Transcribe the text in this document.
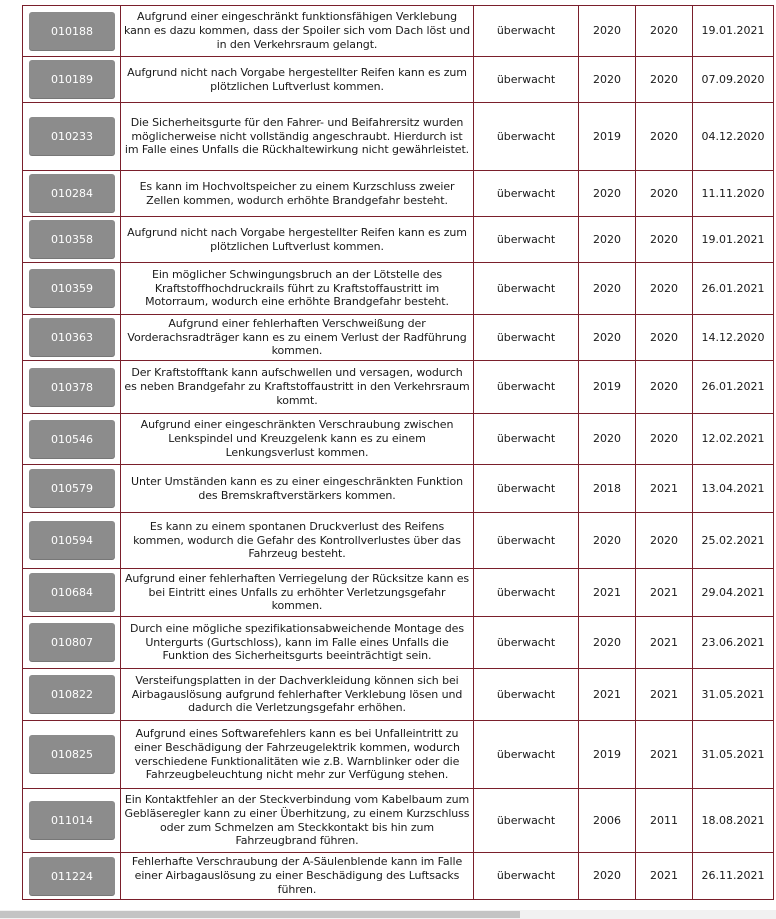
010188	Aufgrund einer eingeschränkt funktionsfähigen Verklebung kann es dazu kommen, dass der Spoiler sich vom Dach löst und in den Verkehrsraum gelangt.	überwacht	2020	2020	19.01.2021

010189	Aufgrund nicht nach Vorgabe hergestellter Reifen kann es zum plötzlichen Luftverlust kommen.	überwacht	2020	2020	07.09.2020

010233	Die Sicherheitsgurte für den Fahrer- und Beifahrersitz wurden möglicherweise nicht vollständig angeschraubt. Hierdurch ist im Falle eines Unfalls die Rückhaltewirkung nicht gewährleistet.	überwacht	2019	2020	04.12.2020

010284	Es kann im Hochvoltspeicher zu einem Kurzschluss zweier Zellen kommen, wodurch erhöhte Brandgefahr besteht.	überwacht	2020	2020	11.11.2020

010358	Aufgrund nicht nach Vorgabe hergestellter Reifen kann es zum plötzlichen Luftverlust kommen.	überwacht	2020	2020	19.01.2021

010359	Ein möglicher Schwingungsbruch an der Lötstelle des Kraftstoffhochdruckrails führt zu Kraftstoffaustritt im Motorraum, wodurch eine erhöhte Brandgefahr besteht.	überwacht	2020	2020	26.01.2021

010363	Aufgrund einer fehlerhaften Verschweißung der Vorderachsradträger kann es zu einem Verlust der Radführung kommen.	überwacht	2020	2020	14.12.2020

010378	Der Kraftstofftank kann aufschwellen und versagen, wodurch es neben Brandgefahr zu Kraftstoffaustritt in den Verkehrsraum kommt.	überwacht	2019	2020	26.01.2021

010546	Aufgrund einer eingeschränkten Verschraubung zwischen Lenkspindel und Kreuzgelenk kann es zu einem Lenkungsverlust kommen.	überwacht	2020	2020	12.02.2021

010579	Unter Umständen kann es zu einer eingeschränkten Funktion des Bremskraftverstärkers kommen.	überwacht	2018	2021	13.04.2021

010594	Es kann zu einem spontanen Druckverlust des Reifens kommen, wodurch die Gefahr des Kontrollverlustes über das Fahrzeug besteht.	überwacht	2020	2020	25.02.2021

010684	Aufgrund einer fehlerhaften Verriegelung der Rücksitze kann es bei Eintritt eines Unfalls zu erhöhter Verletzungsgefahr kommen.	überwacht	2021	2021	29.04.2021

010807	Durch eine mögliche spezifikationsabweichende Montage des Untergurts (Gurtschloss), kann im Falle eines Unfalls die Funktion des Sicherheitsgurts beeinträchtigt sein.	überwacht	2020	2021	23.06.2021

010822	Versteifungsplatten in der Dachverkleidung können sich bei Airbagauslösung aufgrund fehlerhafter Verklebung lösen und dadurch die Verletzungsgefahr erhöhen.	überwacht	2021	2021	31.05.2021

010825	Aufgrund eines Softwarefehlers kann es bei Unfalleintritt zu einer Beschädigung der Fahrzeugelektrik kommen, wodurch verschiedene Funktionalitäten wie z.B. Warnblinker oder die Fahrzeugbeleuchtung nicht mehr zur Verfügung stehen.	überwacht	2019	2021	31.05.2021

011014	Ein Kontaktfehler an der Steckverbindung vom Kabelbaum zum Gebläseregler kann zu einer Überhitzung, zu einem Kurzschluss oder zum Schmelzen am Steckkontakt bis hin zum Fahrzeugbrand führen.	überwacht	2006	2011	18.08.2021

011224	Fehlerhafte Verschraubung der A-Säulenblende kann im Falle einer Airbagauslösung zu einer Beschädigung des Luftsacks führen.	überwacht	2020	2021	26.11.2021
